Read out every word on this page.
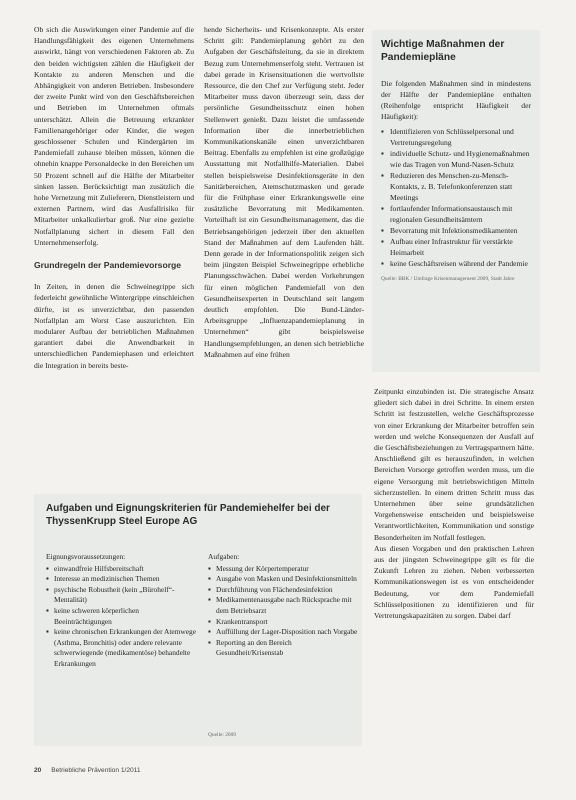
Ob sich die Auswirkungen einer Pandemie auf die Handlungsfähigkeit des eigenen Unternehmens auswirkt, hängt von verschiedenen Faktoren ab. Zu den beiden wichtigsten zählen die Häufigkeit der Kontakte zu anderen Menschen und die Abhängigkeit von anderen Betrieben. Insbesondere der zweite Punkt wird von den Geschäftsbereichen und Betrieben im Unternehmen oftmals unterschätzt. Allein die Betreuung erkrankter Familienangehöriger oder Kinder, die wegen geschlossener Schulen und Kindergärten im Pandemiefall zuhause bleiben müssen, können die ohnehin knappe Personaldecke in den Bereichen um 50 Prozent schnell auf die Hälfte der Mitarbeiter sinken lassen. Berücksichtigt man zusätzlich die hohe Vernetzung mit Zulieferern, Dienstleistern und externen Partnern, wird das Ausfallrisiko für Mitarbeiter unkalkulierbar groß. Nur eine gezielte Notfallplanung sichert in diesem Fall den Unternehmenserfolg.

Grundregeln der Pandemievorsorge

In Zeiten, in denen die Schweinegrippe sich federleicht gewöhnliche Wintergrippe einschleichen dürfte, ist es unverzichtbar, den passenden Notfallplan am Worst Case auszurichten. Ein modularer Aufbau der betrieblichen Maßnahmen garantiert dabei die Anwendbarkeit in unterschiedlichen Pandemiephasen und erleichtert die Integration in bereits beste-

hende Sicherheits- und Krisenkonzepte. Als erster Schritt gilt: Pandemieplanung gehört zu den Aufgaben der Geschäftsleitung, da sie in direktem Bezug zum Unternehmenserfolg steht. Vertrauen ist dabei gerade in Krisensituationen die wertvollste Ressource, die den Chef zur Verfügung steht. Jeder Mitarbeiter muss davon überzeugt sein, dass der persönliche Gesundheitsschutz einen hohen Stellenwert genießt. Dazu leistet die umfassende Information über die innerbetrieblichen Kommunikationskanäle einen unverzichtbaren Beitrag. Ebenfalls zu empfehlen ist eine großzügige Ausstattung mit Notfallhilfe-Materialien. Dabei stellen beispielsweise Desinfektionsgeräte in den Sanitärbereichen, Atemschutzmasken und gerade für die Frühphase einer Erkrankungswelle eine zusätzliche Bevorratung mit Medikamenten. Vorteilhaft ist ein Gesundheitsmanagement, das die Betriebsangehörigen jederzeit über den aktuellen Stand der Maßnahmen auf dem Laufenden hält. Denn gerade in der Informationspolitik zeigen sich beim jüngsten Beispiel Schweinegrippe erhebliche Planungsschwächen. Dabei werden Vorkehrungen für einen möglichen Pandemiefall von den Gesundheitsexperten in Deutschland seit langem deutlich empfohlen. Die Bund-Länder-Arbeitsgruppe „Influenzapandemieplanung in Unternehmen“ gibt beispielsweise Handlungsempfehlungen, an denen sich betriebliche Maßnahmen auf eine frühen

Wichtige Maßnahmen der Pandemiepläne

Die folgenden Maßnahmen sind in mindestens der Hälfte der Pandemiepläne enthalten (Reihenfolge entspricht Häufigkeit der Häufigkeit):

▪ Identifizieren von Schlüsselpersonal und Vertretungsregelung
▪ individuelle Schutz- und Hygienemaßnahmen wie das Tragen von Mund-Nasen-Schutz
▪ Reduzieren des Menschen-zu-Mensch-Kontakts, z. B. Telefonkonferenzen statt Meetings
▪ fortlaufender Informationsaustausch mit regionalen Gesundheitsämtern
▪ Bevorratung mit Infektionsmedikamenten
▪ Aufbau einer Infrastruktur für verstärkte Heimarbeit
▪ keine Geschäftsreisen während der Pandemie
Quelle: BBK / Umfrage Krisenmanagement 2009, Stadt Jahre

Zeitpunkt einzubinden ist. Die strategische Ansatz gliedert sich dabei in drei Schritte. In einem ersten Schritt ist festzustellen, welche Geschäftsprozesse von einer Erkrankung der Mitarbeiter betroffen sein werden und welche Konsequenzen der Ausfall auf die Geschäftsbeziehungen zu Vertragspartnern hätte. Anschließend gilt es herauszufinden, in welchen Bereichen Vorsorge getroffen werden muss, um die eigene Versorgung mit betriebswichtigen Mitteln sicherzustellen. In einem dritten Schritt muss das Unternehmen über seine grundsätzlichen Vorgehensweise entscheiden und beispielsweise Verantwortlichkeiten, Kommunikation und sonstige Besonderheiten im Notfall festlegen.

Aus diesen Vorgaben und den praktischen Lehren aus der jüngsten Schweinegrippe gilt es für die Zukunft Lehren zu ziehen. Neben verbesserten Kommunikationswegen ist es von entscheidender Bedeutung, vor dem Pandemiefall Schlüsselpositionen zu identifizieren und für Vertretungskapazitäten zu sorgen. Dabei darf

Aufgaben und Eignungskriterien für Pandemiehelfer bei der ThyssenKrupp Steel Europe AG

Eignungsvoraussetzungen:

▪ einwandfreie Hilfsbereitschaft
▪ Interesse an medizinischen Themen
▪ psychische Robustheit (kein „Bürohelf“-Mentalität)
▪ keine schweren körperlichen Beeinträchtigungen
▪ keine chronischen Erkrankungen der Atemwege (Asthma, Bronchitis) oder andere relevante schwerwiegende (medikamentöse) behandelte Erkrankungen

Aufgaben:

▪ Messung der Körpertemperatur
▪ Ausgabe von Masken und Desinfektionsmitteln
▪ Durchführung von Flächendesinfektion
▪ Medikamentenausgabe nach Rücksprache mit dem Betriebsarzt
▪ Krankentransport
▪ Auffüllung der Lager-Disposition nach Vorgabe
▪ Reporting an den Bereich Gesundheit/Krisenstab
Quelle: 2009
20 Betriebliche Prävention 1/2011
